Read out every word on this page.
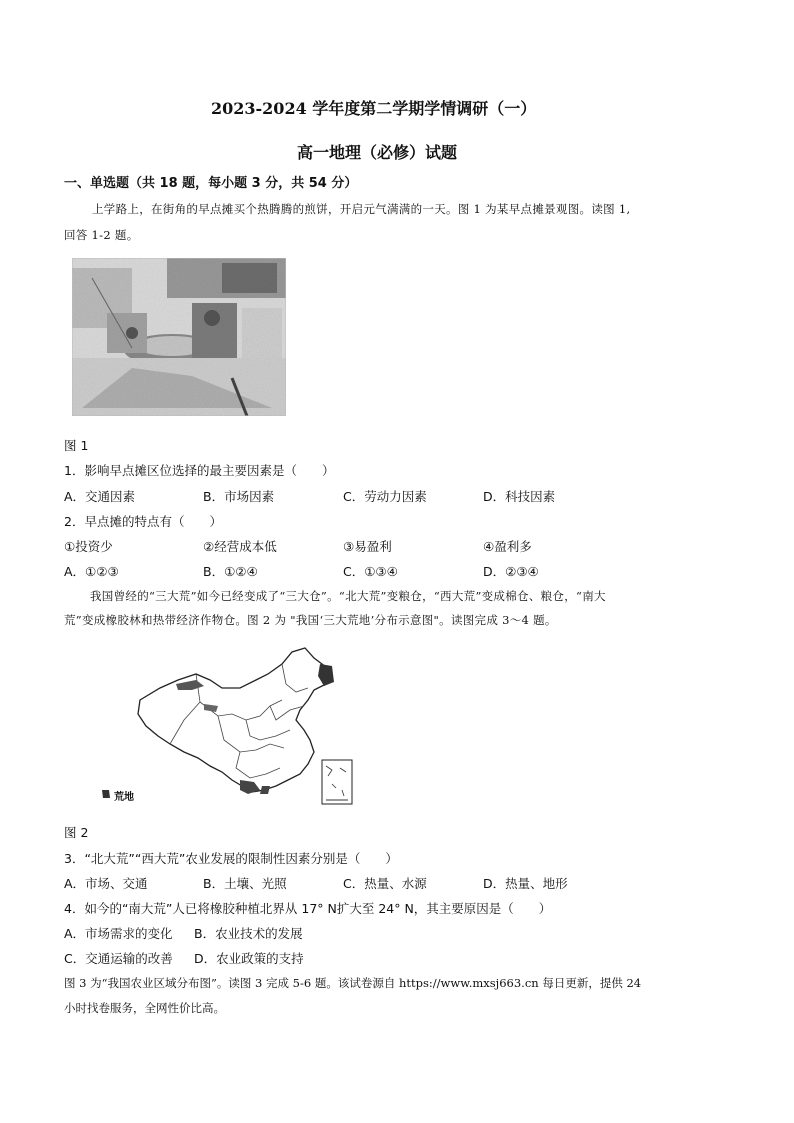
2023-2024 学年度第二学期学情调研（一）
高一地理（必修）试题
一、单选题（共 18 题，每小题 3 分，共 54 分）
上学路上，在街角的早点摊买个热腾腾的煎饼，开启元气满满的一天。图 1 为某早点摊景观图。读图 1,
回答 1-2 题。
图 1
1．影响早点摊区位选择的最主要因素是（　　）
A．交通因素	B．市场因素	C．劳动力因素	D．科技因素
2．早点摊的特点有（　　）
①投资少	②经营成本低	③易盈利	④盈利多
A．①②③	B．①②④	C．①③④	D．②③④
我国曾经的“三大荒”如今已经变成了“三大仓”。“北大荒”变粮仓，“西大荒”变成棉仓、粮仓，“南大
荒”变成橡胶林和热带经济作物仓。图 2 为 "我国‘三大荒地’分布示意图"。读图完成 3～4 题。
荒地
图 2
3．“北大荒”“西大荒”农业发展的限制性因素分别是（　　）
A．市场、交通	B．土壤、光照	C．热量、水源	D．热量、地形
4．如今的“南大荒”人已将橡胶种植北界从 17° N扩大至 24° N，其主要原因是（　　）
A．市场需求的变化 B．农业技术的发展
C．交通运输的改善 D．农业政策的支持
图 3 为“我国农业区域分布图”。读图 3 完成 5-6 题。该试卷源自 https://www.mxsj663.cn 每日更新，提供 24
小时找卷服务，全网性价比高。
